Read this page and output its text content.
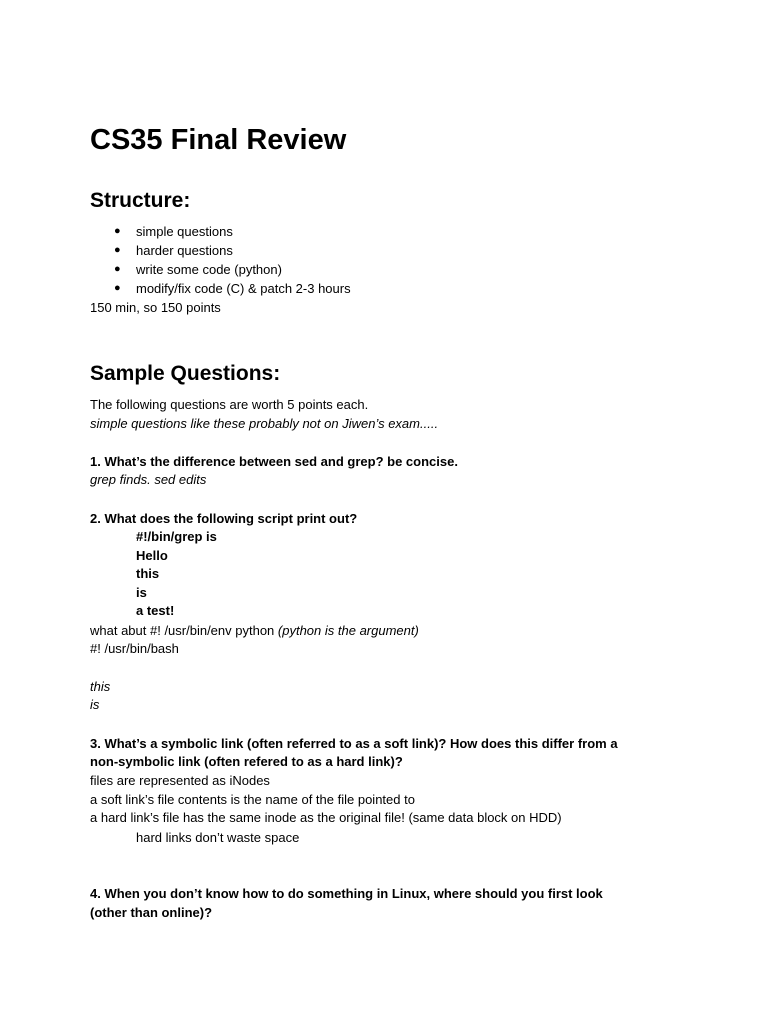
CS35 Final Review
Structure:
● simple questions
● harder questions
● write some code (python)
● modify/fix code (C) & patch 2-3 hours
150 min, so 150 points
Sample Questions:
The following questions are worth 5 points each.
simple questions like these probably not on Jiwen’s exam.....
1. What’s the difference between sed and grep? be concise.
grep finds. sed edits
2. What does the following script print out?
#!/bin/grep is
Hello
this
is
a test!
what abut #! /usr/bin/env python (python is the argument)
#! /usr/bin/bash
this
is
3. What’s a symbolic link (often referred to as a soft link)? How does this differ from a
non-symbolic link (often refered to as a hard link)?
files are represented as iNodes
a soft link’s file contents is the name of the file pointed to
a hard link’s file has the same inode as the original file! (same data block on HDD)
hard links don’t waste space
4. When you don’t know how to do something in Linux, where should you first look
(other than online)?
